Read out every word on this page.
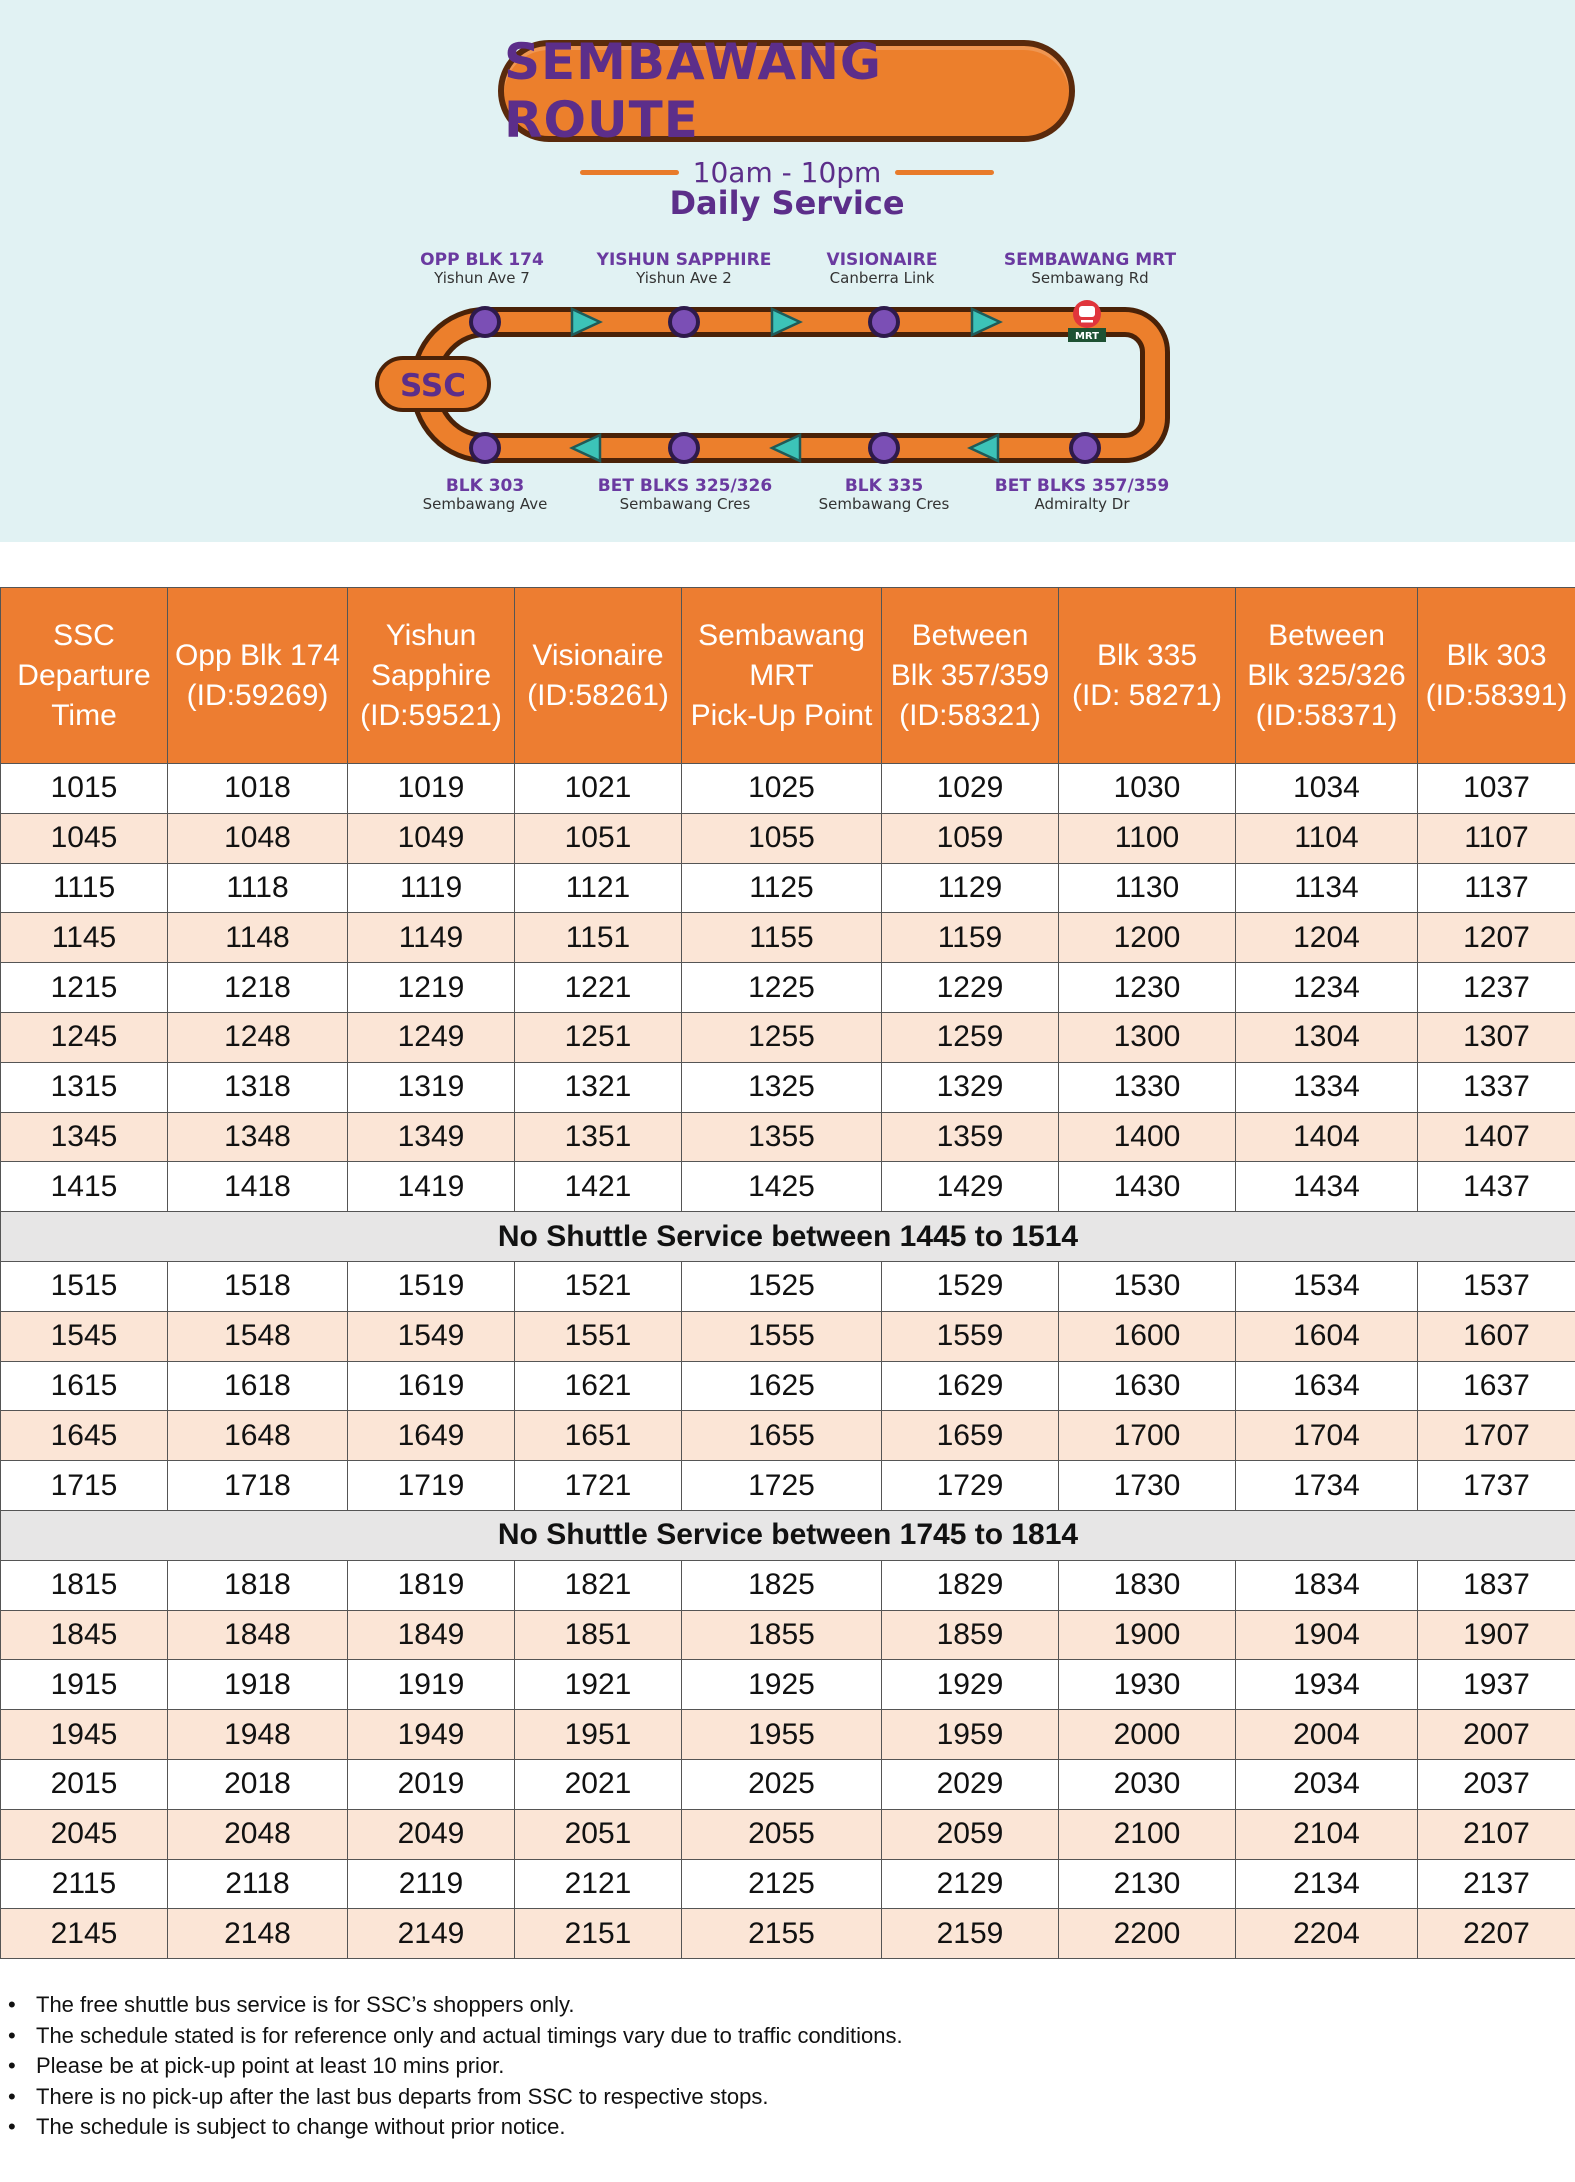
SEMBAWANG ROUTE
10am - 10pm
Daily Service
SSC
MRT
OPP BLK 174
Yishun Ave 7
YISHUN SAPPHIRE
Yishun Ave 2
VISIONAIRE
Canberra Link
SEMBAWANG MRT
Sembawang Rd
BLK 303
Sembawang Ave
BET BLKS 325/326
Sembawang Cres
BLK 335
Sembawang Cres
BET BLKS 357/359
Admiralty Dr
SSC
Departure
Time	Opp Blk 174
(ID:59269)	Yishun
Sapphire
(ID:59521)	Visionaire
(ID:58261)	Sembawang
MRT
Pick-Up Point	Between
Blk 357/359
(ID:58321)	Blk 335
(ID: 58271)	Between
Blk 325/326
(ID:58371)	Blk 303
(ID:58391)

1015	1018	1019	1021	1025	1029	1030	1034	1037
1045	1048	1049	1051	1055	1059	1100	1104	1107
1115	1118	1119	1121	1125	1129	1130	1134	1137
1145	1148	1149	1151	1155	1159	1200	1204	1207
1215	1218	1219	1221	1225	1229	1230	1234	1237
1245	1248	1249	1251	1255	1259	1300	1304	1307
1315	1318	1319	1321	1325	1329	1330	1334	1337
1345	1348	1349	1351	1355	1359	1400	1404	1407
1415	1418	1419	1421	1425	1429	1430	1434	1437
No Shuttle Service between 1445 to 1514								
1515	1518	1519	1521	1525	1529	1530	1534	1537
1545	1548	1549	1551	1555	1559	1600	1604	1607
1615	1618	1619	1621	1625	1629	1630	1634	1637
1645	1648	1649	1651	1655	1659	1700	1704	1707
1715	1718	1719	1721	1725	1729	1730	1734	1737
No Shuttle Service between 1745 to 1814								
1815	1818	1819	1821	1825	1829	1830	1834	1837
1845	1848	1849	1851	1855	1859	1900	1904	1907
1915	1918	1919	1921	1925	1929	1930	1934	1937
1945	1948	1949	1951	1955	1959	2000	2004	2007
2015	2018	2019	2021	2025	2029	2030	2034	2037
2045	2048	2049	2051	2055	2059	2100	2104	2107
2115	2118	2119	2121	2125	2129	2130	2134	2137
2145	2148	2149	2151	2155	2159	2200	2204	2207
• The free shuttle bus service is for SSC’s shoppers only.
• The schedule stated is for reference only and actual timings vary due to traffic conditions.
• Please be at pick-up point at least 10 mins prior.
• There is no pick-up after the last bus departs from SSC to respective stops.
• The schedule is subject to change without prior notice.
